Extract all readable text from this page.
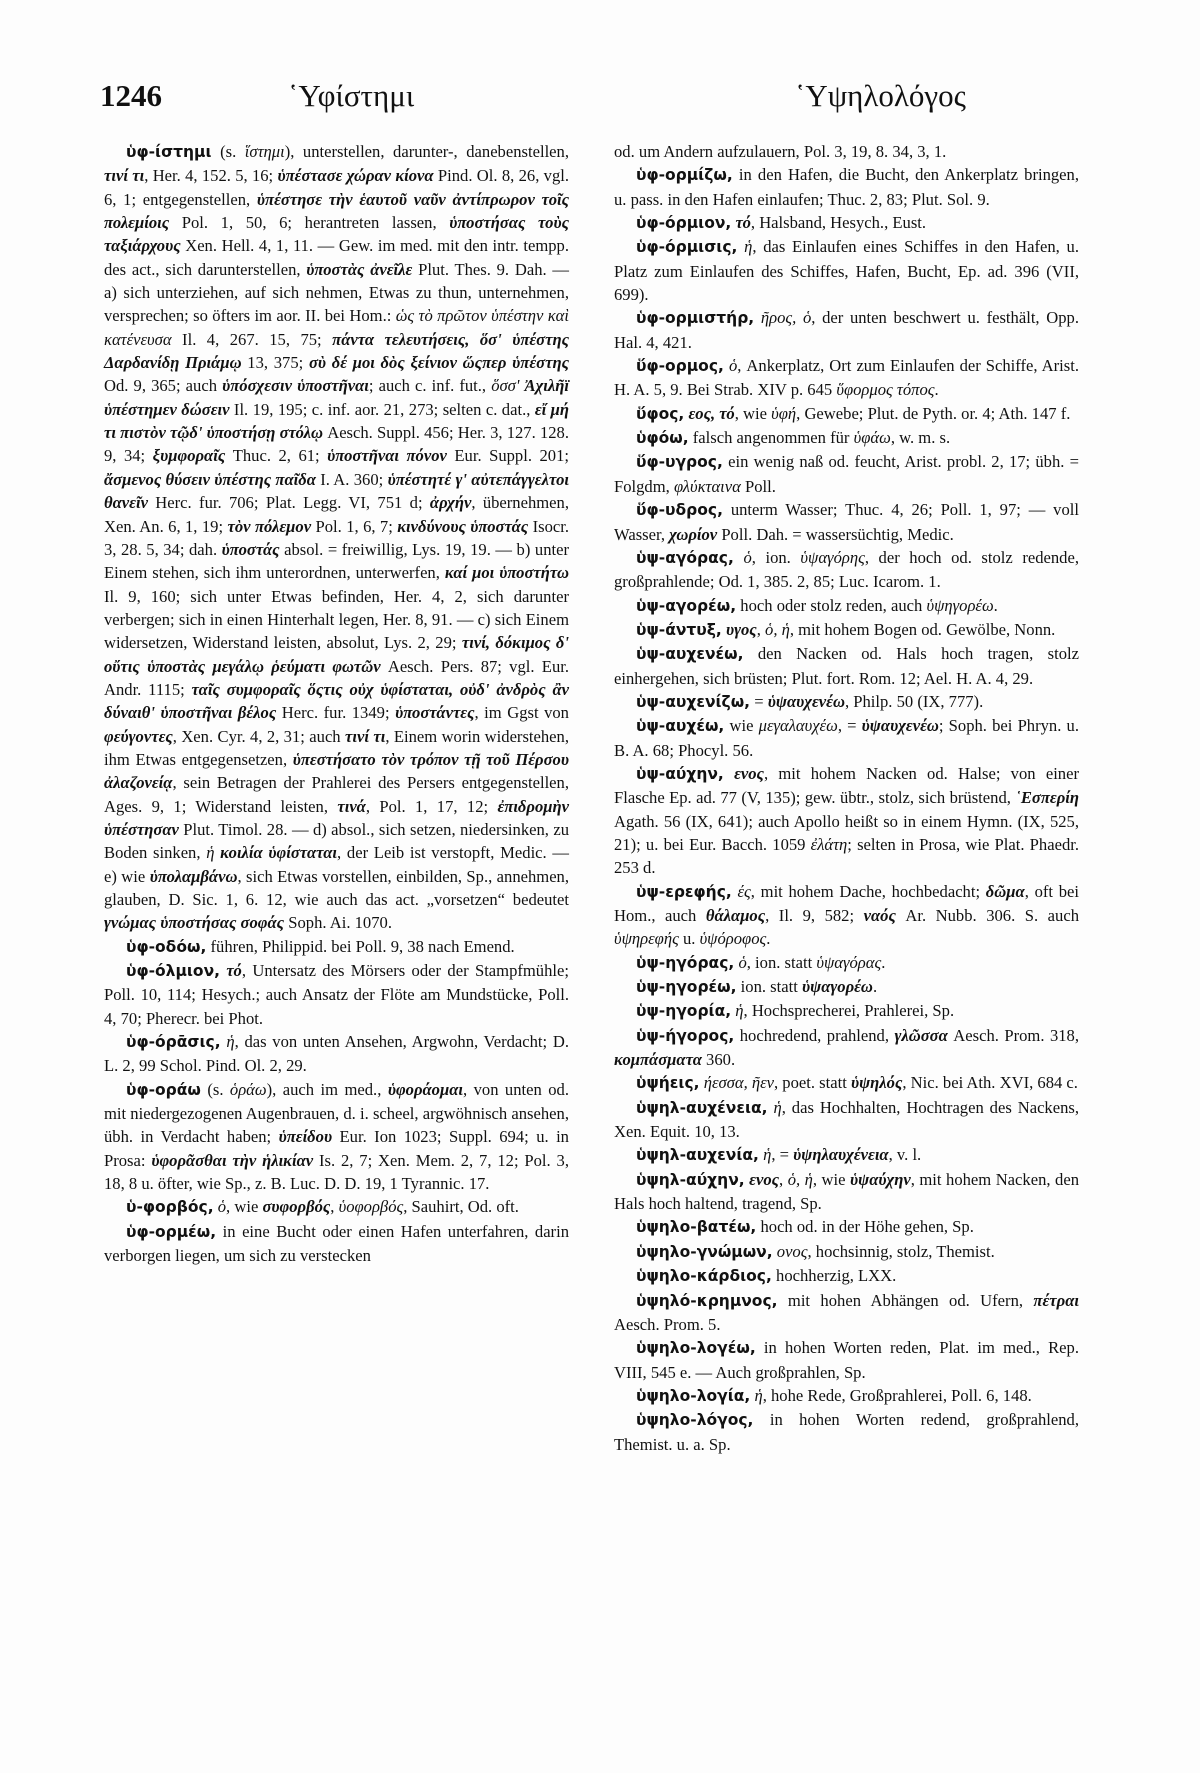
1246	῾Υφίστημι	῾Υψηλολόγος

ὑφ-ίστημι (s. ἵστημι), unterstellen, darunter-, danebenstellen, τινί τι, Her. 4, 152. 5, 16; ὑπέστασε χώραν κίονα Pind. Ol. 8, 26, vgl. 6, 1; entgegenstellen, ὑπέστησε τὴν ἑαυτοῦ ναῦν ἀντίπρωρον τοῖς πολεμίοις Pol. 1, 50, 6; herantreten lassen, ὑποστήσας τοὺς ταξιάρχους Xen. Hell. 4, 1, 11. — Gew. im med. mit den intr. tempp. des act., sich darunterstellen, ὑποστὰς ἀνεῖλε Plut. Thes. 9. Dah. — a) sich unterziehen, auf sich nehmen, Etwas zu thun, unternehmen, versprechen; so öfters im aor. II. bei Hom.: ὡς τὸ πρῶτον ὑπέστην καὶ κατένευσα Il. 4, 267. 15, 75; πάντα τελευτήσεις, ὅσ' ὑπέστης Δαρδανίδῃ Πριάμῳ 13, 375; σὺ δέ μοι δὸς ξείνιον ὥςπερ ὑπέστης Od. 9, 365; auch ὑπόσχεσιν ὑποστῆναι; auch c. inf. fut., ὅσσ' Ἀχιλῆϊ ὑπέστημεν δώσειν Il. 19, 195; c. inf. aor. 21, 273; selten c. dat., εἴ μή τι πιστὸν τῷδ' ὑποστήσῃ στόλῳ Aesch. Suppl. 456; Her. 3, 127. 128. 9, 34; ξυμφοραῖς Thuc. 2, 61; ὑποστῆναι πόνον Eur. Suppl. 201; ἄσμενος θύσειν ὑπέστης παῖδα I. A. 360; ὑπέστητέ γ' αὐτεπάγγελτοι θανεῖν Herc. fur. 706; Plat. Legg. VI, 751 d; ἀρχήν, übernehmen, Xen. An. 6, 1, 19; τὸν πόλεμον Pol. 1, 6, 7; κινδύνους ὑποστάς Isocr. 3, 28. 5, 34; dah. ὑποστάς absol. = freiwillig, Lys. 19, 19. — b) unter Einem stehen, sich ihm unterordnen, unterwerfen, καί μοι ὑποστήτω Il. 9, 160; sich unter Etwas befinden, Her. 4, 2, sich darunter verbergen; sich in einen Hinterhalt legen, Her. 8, 91. — c) sich Einem widersetzen, Widerstand leisten, absolut, Lys. 2, 29; τινί, δόκιμος δ' οὔτις ὑποστὰς μεγάλῳ ῥεύματι φωτῶν Aesch. Pers. 87; vgl. Eur. Andr. 1115; ταῖς συμφοραῖς ὅςτις οὐχ ὑφίσταται, οὐδ' ἀνδρὸς ἂν δύναιθ' ὑποστῆναι βέλος Herc. fur. 1349; ὑποστάντες, im Ggst von φεύγοντες, Xen. Cyr. 4, 2, 31; auch τινί τι, Einem worin widerstehen, ihm Etwas entgegensetzen, ὑπεστήσατο τὸν τρόπον τῇ τοῦ Πέρσου ἀλαζονείᾳ, sein Betragen der Prahlerei des Persers entgegenstellen, Ages. 9, 1; Widerstand leisten, τινά, Pol. 1, 17, 12; ἐπιδρομὴν ὑπέστησαν Plut. Timol. 28. — d) absol., sich setzen, niedersinken, zu Boden sinken, ἡ κοιλία ὑφίσταται, der Leib ist verstopft, Medic. — e) wie ὑπολαμβάνω, sich Etwas vorstellen, einbilden, Sp., annehmen, glauben, D. Sic. 1, 6. 12, wie auch das act. „vorsetzen“ bedeutet γνώμας ὑποστήσας σοφάς Soph. Ai. 1070.

ὑφ-οδόω, führen, Philippid. bei Poll. 9, 38 nach Emend.

ὑφ-όλμιον, τό, Untersatz des Mörsers oder der Stampfmühle; Poll. 10, 114; Hesych.; auch Ansatz der Flöte am Mundstücke, Poll. 4, 70; Pherecr. bei Phot.

ὑφ-όρᾱσις, ἡ, das von unten Ansehen, Argwohn, Verdacht; D. L. 2, 99 Schol. Pind. Ol. 2, 29.

ὑφ-οράω (s. ὁράω), auch im med., ὑφοράομαι, von unten od. mit niedergezogenen Augenbrauen, d. i. scheel, argwöhnisch ansehen, übh. in Verdacht haben; ὑπείδου Eur. Ion 1023; Suppl. 694; u. in Prosa: ὑφορᾶσθαι τὴν ἡλικίαν Is. 2, 7; Xen. Mem. 2, 7, 12; Pol. 3, 18, 8 u. öfter, wie Sp., z. B. Luc. D. D. 19, 1 Tyrannic. 17.

ὑ-φορβός, ὁ, wie συφορβός, ὑοφορβός, Sauhirt, Od. oft.

ὑφ-ορμέω, in eine Bucht oder einen Hafen unterfahren, darin verborgen liegen, um sich zu verstecken

od. um Andern aufzulauern, Pol. 3, 19, 8. 34, 3, 1.

ὑφ-ορμίζω, in den Hafen, die Bucht, den Ankerplatz bringen, u. pass. in den Hafen einlaufen; Thuc. 2, 83; Plut. Sol. 9.

ὑφ-όρμιον, τό, Halsband, Hesych., Eust.

ὑφ-όρμισις, ἡ, das Einlaufen eines Schiffes in den Hafen, u. Platz zum Einlaufen des Schiffes, Hafen, Bucht, Ep. ad. 396 (VII, 699).

ὑφ-ορμιστήρ, ῆρος, ὁ, der unten beschwert u. festhält, Opp. Hal. 4, 421.

ὕφ-ορμος, ὁ, Ankerplatz, Ort zum Einlaufen der Schiffe, Arist. H. A. 5, 9. Bei Strab. XIV p. 645 ὕφορμος τόπος.

ὕφος, εος, τό, wie ὑφή, Gewebe; Plut. de Pyth. or. 4; Ath. 147 f.

ὑφόω, falsch angenommen für ὑφάω, w. m. s.

ὕφ-υγρος, ein wenig naß od. feucht, Arist. probl. 2, 17; übh. = Folgdm, φλύκταινα Poll.

ὕφ-υδρος, unterm Wasser; Thuc. 4, 26; Poll. 1, 97; — voll Wasser, χωρίον Poll. Dah. = wassersüchtig, Medic.

ὑψ-αγόρας, ὁ, ion. ὑψαγόρης, der hoch od. stolz redende, großprahlende; Od. 1, 385. 2, 85; Luc. Icarom. 1.

ὑψ-αγορέω, hoch oder stolz reden, auch ὑψηγορέω.

ὑψ-άντυξ, υγος, ὁ, ἡ, mit hohem Bogen od. Gewölbe, Nonn.

ὑψ-αυχενέω, den Nacken od. Hals hoch tragen, stolz einhergehen, sich brüsten; Plut. fort. Rom. 12; Ael. H. A. 4, 29.

ὑψ-αυχενίζω, = ὑψαυχενέω, Philp. 50 (IX, 777).

ὑψ-αυχέω, wie μεγαλαυχέω, = ὑψαυχενέω; Soph. bei Phryn. u. B. A. 68; Phocyl. 56.

ὑψ-αύχην, ενος, mit hohem Nacken od. Halse; von einer Flasche Ep. ad. 77 (V, 135); gew. übtr., stolz, sich brüstend, ῾Εσπερίη Agath. 56 (IX, 641); auch Apollo heißt so in einem Hymn. (IX, 525, 21); u. bei Eur. Bacch. 1059 ἐλάτη; selten in Prosa, wie Plat. Phaedr. 253 d.

ὑψ-ερεφής, ές, mit hohem Dache, hochbedacht; δῶμα, oft bei Hom., auch θάλαμος, Il. 9, 582; ναός Ar. Nubb. 306. S. auch ὑψηρεφής u. ὑψόροφος.

ὑψ-ηγόρας, ὁ, ion. statt ὑψαγόρας.

ὑψ-ηγορέω, ion. statt ὑψαγορέω.

ὑψ-ηγορία, ἡ, Hochsprecherei, Prahlerei, Sp.

ὑψ-ήγορος, hochredend, prahlend, γλῶσσα Aesch. Prom. 318, κομπάσματα 360.

ὑψήεις, ήεσσα, ῆεν, poet. statt ὑψηλός, Nic. bei Ath. XVI, 684 c.

ὑψηλ-αυχένεια, ἡ, das Hochhalten, Hochtragen des Nackens, Xen. Equit. 10, 13.

ὑψηλ-αυχενία, ἡ, = ὑψηλαυχένεια, v. l.

ὑψηλ-αύχην, ενος, ὁ, ἡ, wie ὑψαύχην, mit hohem Nacken, den Hals hoch haltend, tragend, Sp.

ὑψηλο-βατέω, hoch od. in der Höhe gehen, Sp.

ὑψηλο-γνώμων, ονος, hochsinnig, stolz, Themist.

ὑψηλο-κάρδιος, hochherzig, LXX.

ὑψηλό-κρημνος, mit hohen Abhängen od. Ufern, πέτραι Aesch. Prom. 5.

ὑψηλο-λογέω, in hohen Worten reden, Plat. im med., Rep. VIII, 545 e. — Auch großprahlen, Sp.

ὑψηλο-λογία, ἡ, hohe Rede, Großprahlerei, Poll. 6, 148.

ὑψηλο-λόγος, in hohen Worten redend, großprahlend, Themist. u. a. Sp.
